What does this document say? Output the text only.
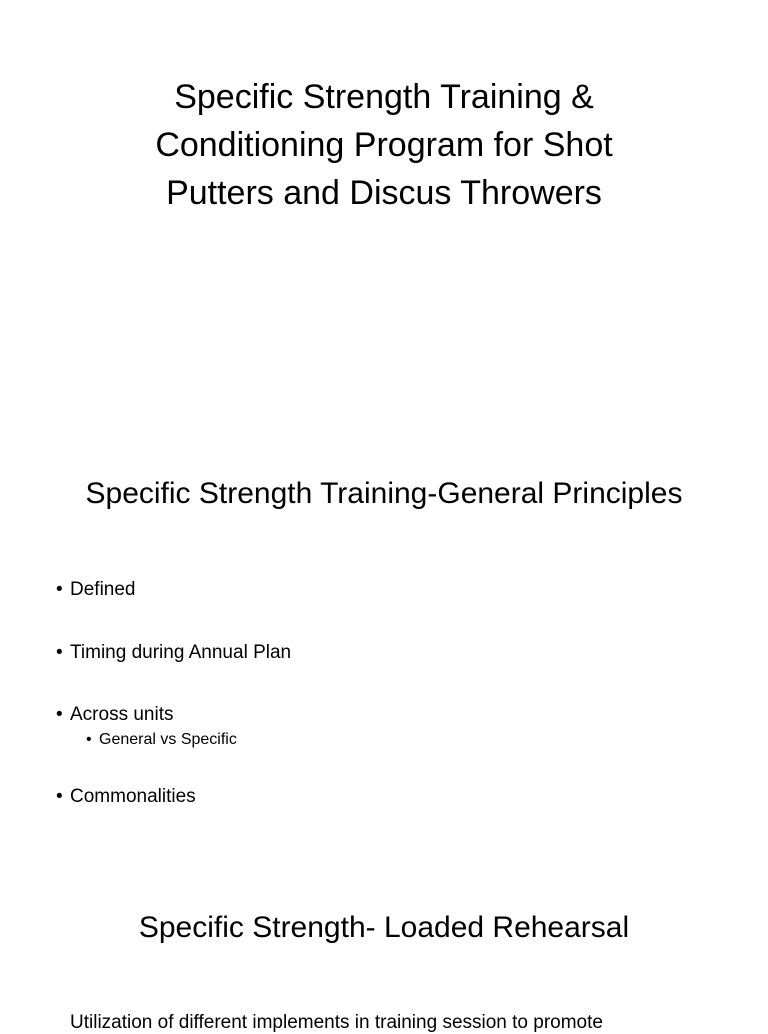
Specific Strength Training &
Conditioning Program for Shot
Putters and Discus Throwers
Specific Strength Training-General Principles
• Defined
• Timing during Annual Plan
• Across units
• General vs Specific
• Commonalities
Specific Strength- Loaded Rehearsal
Utilization of different implements in training session to promote
